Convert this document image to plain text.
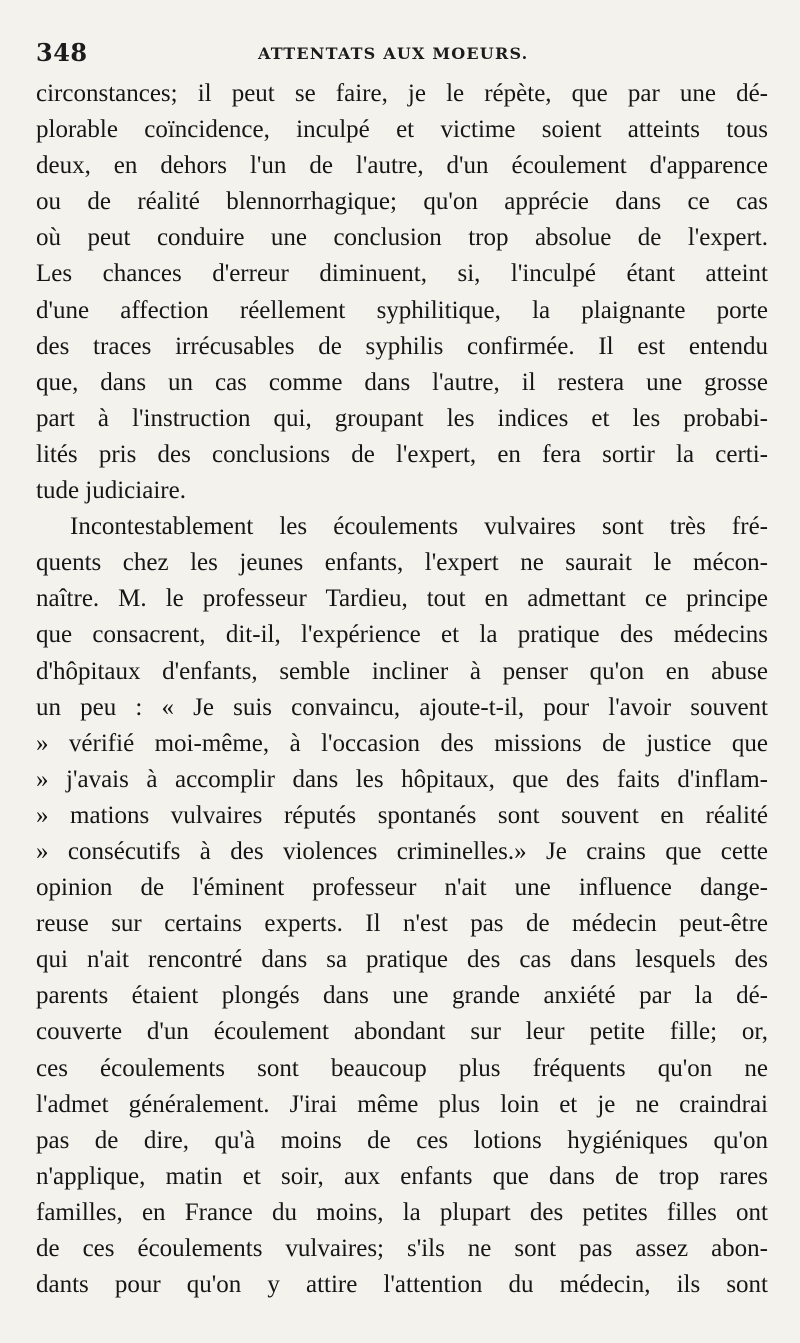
348	ATTENTATS AUX MOEURS.
circonstances; il peut se faire, je le répète, que par une dé-
plorable coïncidence, inculpé et victime soient atteints tous
deux, en dehors l'un de l'autre, d'un écoulement d'apparence
ou de réalité blennorrhagique; qu'on apprécie dans ce cas
où peut conduire une conclusion trop absolue de l'expert.
Les chances d'erreur diminuent, si, l'inculpé étant atteint
d'une affection réellement syphilitique, la plaignante porte
des traces irrécusables de syphilis confirmée. Il est entendu
que, dans un cas comme dans l'autre, il restera une grosse
part à l'instruction qui, groupant les indices et les probabi-
lités pris des conclusions de l'expert, en fera sortir la certi-
tude judiciaire.
Incontestablement les écoulements vulvaires sont très fré-
quents chez les jeunes enfants, l'expert ne saurait le mécon-
naître. M. le professeur Tardieu, tout en admettant ce principe
que consacrent, dit-il, l'expérience et la pratique des médecins
d'hôpitaux d'enfants, semble incliner à penser qu'on en abuse
un peu : « Je suis convaincu, ajoute-t-il, pour l'avoir souvent
» vérifié moi-même, à l'occasion des missions de justice que
» j'avais à accomplir dans les hôpitaux, que des faits d'inflam-
» mations vulvaires réputés spontanés sont souvent en réalité
» consécutifs à des violences criminelles.» Je crains que cette
opinion de l'éminent professeur n'ait une influence dange-
reuse sur certains experts. Il n'est pas de médecin peut-être
qui n'ait rencontré dans sa pratique des cas dans lesquels des
parents étaient plongés dans une grande anxiété par la dé-
couverte d'un écoulement abondant sur leur petite fille; or,
ces écoulements sont beaucoup plus fréquents qu'on ne
l'admet généralement. J'irai même plus loin et je ne craindrai
pas de dire, qu'à moins de ces lotions hygiéniques qu'on
n'applique, matin et soir, aux enfants que dans de trop rares
familles, en France du moins, la plupart des petites filles ont
de ces écoulements vulvaires; s'ils ne sont pas assez abon-
dants pour qu'on y attire l'attention du médecin, ils sont
